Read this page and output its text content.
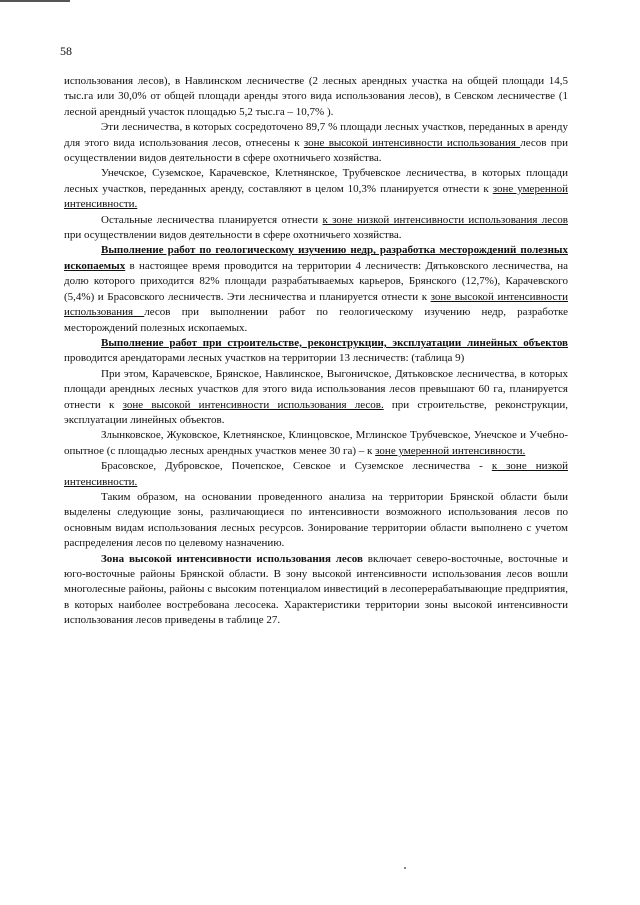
58

использования лесов), в Навлинском лесничестве (2 лесных арендных участка на общей площади 14,5 тыс.га или 30,0% от общей площади аренды этого вида использования лесов), в Севском лесничестве (1 лесной арендный участок площадью 5,2 тыс.га – 10,7% ).

Эти лесничества, в которых сосредоточено 89,7 % площади лесных участков, переданных в аренду для этого вида использования лесов, отнесены к зоне высокой интенсивности использования лесов при осуществлении видов деятельности в сфере охотничьего хозяйства.

Унечское, Суземское, Карачевское, Клетнянское, Трубчевское лесничества, в которых площади лесных участков, переданных аренду, составляют в целом 10,3% планируется отнести к зоне умеренной интенсивности.

Остальные лесничества планируется отнести к зоне низкой интенсивности использования лесов при осуществлении видов деятельности в сфере охотничьего хозяйства.

Выполнение работ по геологическому изучению недр, разработка месторождений полезных ископаемых в настоящее время проводится на территории 4 лесничеств: Дятьковского лесничества, на долю которого приходится 82% площади разрабатываемых карьеров, Брянского (12,7%), Карачевского (5,4%) и Брасовского лесничеств. Эти лесничества и планируется отнести к зоне высокой интенсивности использования лесов при выполнении работ по геологическому изучению недр, разработке месторождений полезных ископаемых.

Выполнение работ при строительстве, реконструкции, эксплуатации линейных объектов проводится арендаторами лесных участков на территории 13 лесничеств: (таблица 9)

При этом, Карачевское, Брянское, Навлинское, Выгоничское, Дятьковское лесничества, в которых площади арендных лесных участков для этого вида использования лесов превышают 60 га, планируется отнести к зоне высокой интенсивности использования лесов. при строительстве, реконструкции, эксплуатации линейных объектов.

Злынковское, Жуковское, Клетнянское, Клинцовское, Мглинское Трубчевское, Унечское и Учебно-опытное (с площадью лесных арендных участков менее 30 га) – к зоне умеренной интенсивности.

Брасовское, Дубровское, Почепское, Севское и Суземское лесничества - к зоне низкой интенсивности.

Таким образом, на основании проведенного анализа на территории Брянской области были выделены следующие зоны, различающиеся по интенсивности возможного использования лесов по основным видам использования лесных ресурсов. Зонирование территории области выполнено с учетом распределения лесов по целевому назначению.

Зона высокой интенсивности использования лесов включает северо-восточные, восточные и юго-восточные районы Брянской области. В зону высокой интенсивности использования лесов вошли многолесные районы, районы с высоким потенциалом инвестиций в лесоперерабатывающие предприятия, в которых наиболее востребована лесосека. Характеристики территории зоны высокой интенсивности использования лесов приведены в таблице 27.
